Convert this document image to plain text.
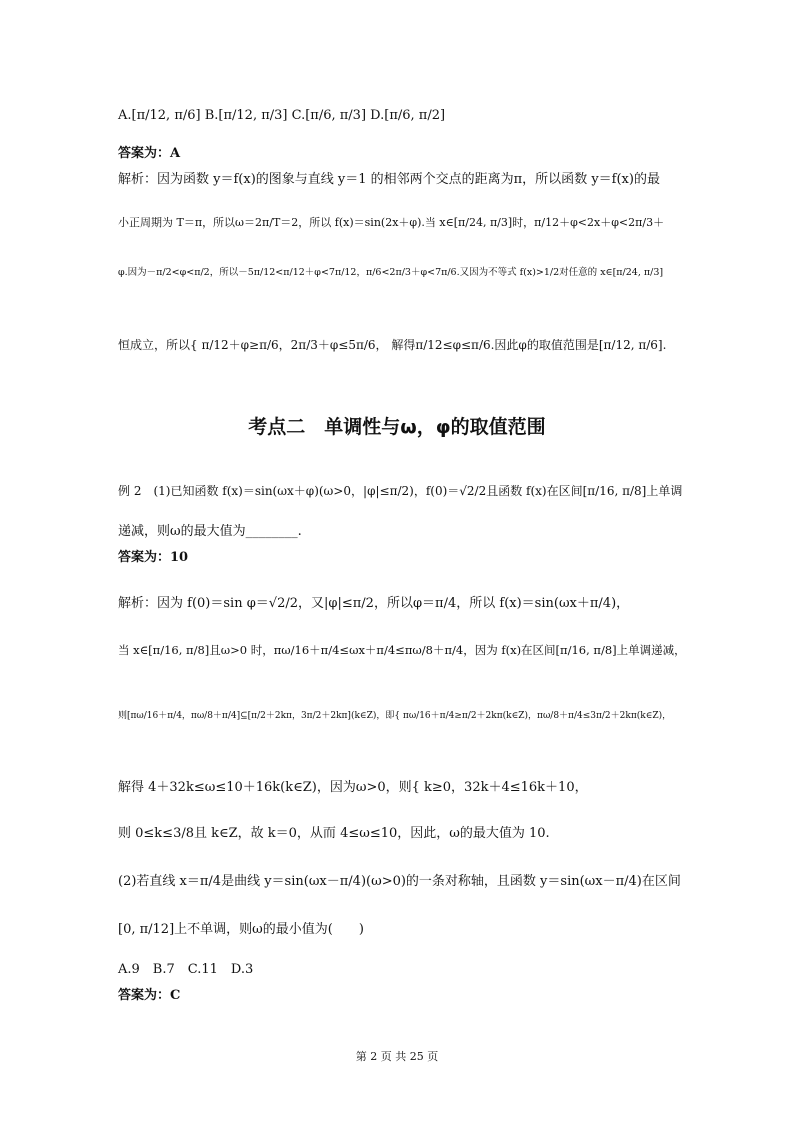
A.[π/12, π/6] B.[π/12, π/3] C.[π/6, π/3] D.[π/6, π/2]
答案为：A
解析：因为函数 y＝f(x)的图象与直线 y＝1 的相邻两个交点的距离为π，所以函数 y＝f(x)的最
小正周期为 T＝π，所以ω＝2π/T＝2，所以 f(x)＝sin(2x＋φ).当 x∈[π/24, π/3]时，π/12＋φ<2x＋φ<2π/3＋
φ.因为－π/2<φ<π/2，所以－5π/12<π/12＋φ<7π/12，π/6<2π/3＋φ<7π/6.又因为不等式 f(x)>1/2对任意的 x∈[π/24, π/3]
恒成立，所以{ π/12＋φ≥π/6，2π/3＋φ≤5π/6， 解得π/12≤φ≤π/6.因此φ的取值范围是[π/12, π/6].
考点二　单调性与ω，φ的取值范围
例 2　(1)已知函数 f(x)＝sin(ωx＋φ)(ω>0，|φ|≤π/2)，f(0)＝√2/2且函数 f(x)在区间[π/16, π/8]上单调
递减，则ω的最大值为________.
答案为：10
解析：因为 f(0)＝sin φ＝√2/2，又|φ|≤π/2，所以φ＝π/4，所以 f(x)＝sin(ωx＋π/4)，
当 x∈[π/16, π/8]且ω>0 时，πω/16＋π/4≤ωx＋π/4≤πω/8＋π/4，因为 f(x)在区间[π/16, π/8]上单调递减，
则[πω/16＋π/4，πω/8＋π/4]⊆[π/2＋2kπ，3π/2＋2kπ](k∈Z)，即{ πω/16＋π/4≥π/2＋2kπ(k∈Z)，πω/8＋π/4≤3π/2＋2kπ(k∈Z)，
解得 4＋32k≤ω≤10＋16k(k∈Z)，因为ω>0，则{ k≥0，32k＋4≤16k＋10，
则 0≤k≤3/8且 k∈Z，故 k＝0，从而 4≤ω≤10，因此，ω的最大值为 10.
(2)若直线 x＝π/4是曲线 y＝sin(ωx－π/4)(ω>0)的一条对称轴，且函数 y＝sin(ωx－π/4)在区间
[0, π/12]上不单调，则ω的最小值为(　　)
A.9　B.7　C.11　D.3
答案为：C
第 2 页 共 25 页
